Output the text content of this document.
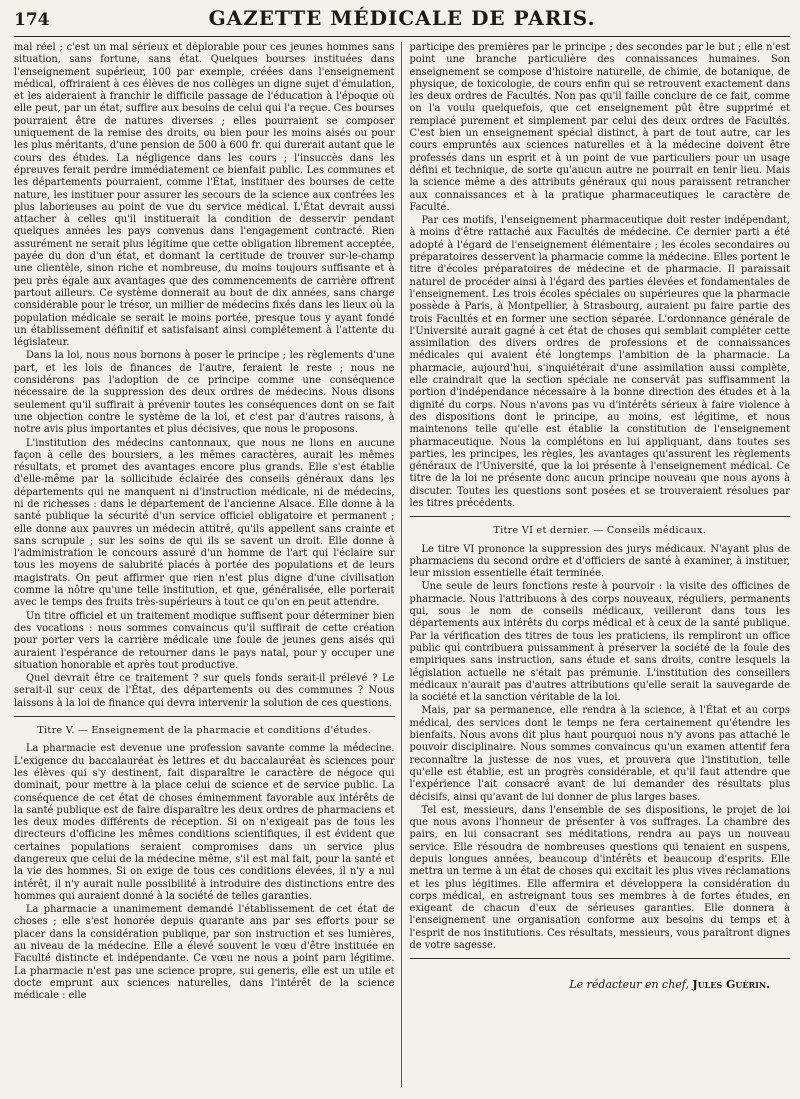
174	GAZETTE MÉDICALE DE PARIS.

mal réel ; c'est un mal sérieux et déplorable pour ces jeunes hommes sans situation, sans fortune, sans état. Quelques bourses instituées dans l'enseignement supérieur, 100 par exemple, créées dans l'enseignement médical, offriraient à ces élèves de nos collèges un digne sujet d'émulation, et les aideraient à franchir le difficile passage de l'éducation à l'époque où elle peut, par un état, suffire aux besoins de celui qui l'a reçue. Ces bourses pourraient être de natures diverses ; elles pourraient se composer uniquement de la remise des droits, ou bien pour les moins aisés ou pour les plus méritants, d'une pension de 500 à 600 fr. qui durerait autant que le cours des études. La négligence dans les cours ; l'insuccès dans les épreuves ferait perdre immédiatement ce bienfait public. Les communes et les départements pourraient, comme l'État, instituer des bourses de cette nature, les instituer pour assurer les secours de la science aux contrées les plus laborieuses au point de vue du service médical. L'État devrait aussi attacher à celles qu'il instituerait la condition de desservir pendant quelques années les pays convenus dans l'engagement contracté. Rien assurément ne serait plus légitime que cette obligation librement acceptée, payée du don d'un état, et donnant la certitude de trouver sur-le-champ une clientèle, sinon riche et nombreuse, du moins toujours suffisante et à peu près égale aux avantages que des commencements de carrière offrent partout ailleurs. Ce système donnerait au bout de dix années, sans charge considérable pour le trésor, un millier de médecins fixés dans les lieux où la population médicale se serait le moins portée, presque tous y ayant fondé un établissement définitif et satisfaisant ainsi complétement à l'attente du législateur.

Dans la loi, nous nous bornons à poser le principe ; les règlements d'une part, et les lois de finances de l'autre, feraient le reste ; nous ne considérons pas l'adoption de ce principe comme une conséquence nécessaire de la suppression des deux ordres de médecins. Nous disons seulement qu'il suffirait à prévenir toutes les conséquences dont on se fait une objection contre le système de la loi, et c'est par d'autres raisons, à notre avis plus importantes et plus décisives, que nous le proposons.

L'institution des médecins cantonnaux, que nous ne lions en aucune façon à celle des boursiers, a les mêmes caractères, aurait les mêmes résultats, et promet des avantages encore plus grands. Elle s'est établie d'elle-même par la sollicitude éclairée des conseils généraux dans les départements qui ne manquent ni d'instruction médicale, ni de médecins, ni de richesses : dans le département de l'ancienne Alsace. Elle donne à la santé publique la sécurité d'un service officiel obligatoire et permanent ; elle donne aux pauvres un médecin attitré, qu'ils appellent sans crainte et sans scrupule ; sur les soins de qui ils se savent un droit. Elle donne à l'administration le concours assuré d'un homme de l'art qui l'éclaire sur tous les moyens de salubrité placés à portée des populations et de leurs magistrats. On peut affirmer que rien n'est plus digne d'une civilisation comme la nôtre qu'une telle institution, et que, généralisée, elle porterait avec le temps des fruits très-supérieurs à tout ce qu'on en peut attendre.

Un titre officiel et un traitement modique suffisent pour déterminer bien des vocations : nous sommes convaincus qu'il suffirait de cette création pour porter vers la carrière médicale une foule de jeunes gens aisés qui auraient l'espérance de retourner dans le pays natal, pour y occuper une situation honorable et après tout productive.

Quel devrait être ce traitement ? sur quels fonds serait-il prélevé ? Le serait-il sur ceux de l'État, des départements ou des communes ? Nous laissons à la loi de finance qui devra intervenir la solution de ces questions.

Titre V. — Enseignement de la pharmacie et conditions d'études.

La pharmacie est devenue une profession savante comme la médecine. L'exigence du baccalauréat ès lettres et du baccalauréat ès sciences pour les élèves qui s'y destinent, fait disparaître le caractère de négoce qui dominait, pour mettre à la place celui de science et de service public. La conséquence de cet état de choses éminemment favorable aux intérêts de la santé publique est de faire disparaître les deux ordres de pharmaciens et les deux modes différents de réception. Si on n'exigeait pas de tous les directeurs d'officine les mêmes conditions scientifiques, il est évident que certaines populations seraient compromises dans un service plus dangereux que celui de la médecine même, s'il est mal fait, pour la santé et la vie des hommes. Si on exige de tous ces conditions élevées, il n'y a nul intérêt, il n'y aurait nulle possibilité à introduire des distinctions entre des hommes qui auraient donné à la société de telles garanties.

La pharmacie a unanimement demandé l'établissement de cet état de choses ; elle s'est honorée depuis quarante ans par ses efforts pour se placer dans la considération publique, par son instruction et ses lumières, au niveau de la médecine. Elle a élevé souvent le vœu d'être instituée en Faculté distincte et indépendante. Ce vœu ne nous a point paru légitime. La pharmacie n'est pas une science propre, sui generis, elle est un utile et docte emprunt aux sciences naturelles, dans l'intérêt de la science médicale : elle

participe des premières par le principe ; des secondes par le but ; elle n'est point une branche particulière des connaissances humaines. Son enseignement se compose d'histoire naturelle, de chimie, de botanique, de physique, de toxicologie, de cours enfin qui se retrouvent exactement dans les deux ordres de Facultés. Non pas qu'il faille conclure de ce fait, comme on l'a voulu quelquefois, que cet enseignement pût être supprimé et remplacé purement et simplement par celui des deux ordres de Facultés. C'est bien un enseignement spécial distinct, à part de tout autre, car les cours empruntés aux sciences naturelles et à la médecine doivent être professés dans un esprit et à un point de vue particuliers pour un usage défini et technique, de sorte qu'aucun autre ne pourrait en tenir lieu. Mais la science même a des attributs généraux qui nous paraissent retrancher aux connaissances et à la pratique pharmaceutiques le caractère de Faculté.

Par ces motifs, l'enseignement pharmaceutique doit rester indépendant, à moins d'être rattaché aux Facultés de médecine. Ce dernier parti a été adopté à l'égard de l'enseignement élémentaire ; les écoles secondaires ou préparatoires desservent la pharmacie comme la médecine. Elles portent le titre d'écoles préparatoires de médecine et de pharmacie. Il paraissait naturel de procéder ainsi à l'égard des parties élevées et fondamentales de l'enseignement. Les trois écoles spéciales ou supérieures que la pharmacie possède à Paris, à Montpellier, à Strasbourg, auraient pu faire partie des trois Facultés et en former une section séparée. L'ordonnance générale de l'Université aurait gagné à cet état de choses qui semblait compléter cette assimilation des divers ordres de professions et de connaissances médicales qui avaient été longtemps l'ambition de la pharmacie. La pharmacie, aujourd'hui, s'inquiétérait d'une assimilation aussi complète, elle craindrait que la section spéciale ne conservât pas suffisamment la portion d'indépendance nécessaire à la bonne direction des études et à la dignité du corps. Nous n'avons pas vu d'intérêts sérieux à faire violence à des dispositions dont le principe, au moins, est légitime, et nous maintenons telle qu'elle est établie la constitution de l'enseignement pharmaceutique. Nous la complétons en lui appliquant, dans toutes ses parties, les principes, les règles, les avantages qu'assurent les règlements généraux de l'Université, que la loi présente à l'enseignement médical. Ce titre de la loi ne présente donc aucun principe nouveau que nous ayons à discuter. Toutes les questions sont posées et se trouveraient résolues par les titres précédents.

Titre VI et dernier. — Conseils médicaux.

Le titre VI prononce la suppression des jurys médicaux. N'ayant plus de pharmaciens du second ordre et d'officiers de santé à examiner, à instituer, leur mission essentielle était terminée.

Une seule de leurs fonctions reste à pourvoir : la visite des officines de pharmacie. Nous l'attribuons à des corps nouveaux, réguliers, permanents qui, sous le nom de conseils médicaux, veilleront dans tous les départements aux intérêts du corps médical et à ceux de la santé publique. Par la vérification des titres de tous les praticiens, ils rempliront un office public qui contribuera puissamment à préserver la société de la foule des empiriques sans instruction, sans étude et sans droits, contre lesquels la législation actuelle ne s'était pas prémunie. L'institution des conseillers médicaux n'aurait pas d'autres attributions qu'elle serait la sauvegarde de la société et la sanction véritable de la loi.

Mais, par sa permanence, elle rendra à la science, à l'État et au corps médical, des services dont le temps ne fera certainement qu'étendre les bienfaits. Nous avons dit plus haut pourquoi nous n'y avons pas attaché le pouvoir disciplinaire. Nous sommes convaincus qu'un examen attentif fera reconnaître la justesse de nos vues, et prouvera que l'institution, telle qu'elle est établie, est un progrès considérable, et qu'il faut attendre que l'expérience l'ait consacré avant de lui demander des résultats plus décisifs, ainsi qu'avant de lui donner de plus larges bases.

Tel est, messieurs, dans l'ensemble de ses dispositions, le projet de loi que nous avons l'honneur de présenter à vos suffrages. La chambre des pairs, en lui consacrant ses méditations, rendra au pays un nouveau service. Elle résoudra de nombreuses questions qui tenaient en suspens, depuis longues années, beaucoup d'intérêts et beaucoup d'esprits. Elle mettra un terme à un état de choses qui excitait les plus vives réclamations et les plus légitimes. Elle affermira et développera la considération du corps médical, en astreignant tous ses membres à de fortes études, en exigeant de chacun d'eux de sérieuses garanties. Elle donnera à l'enseignement une organisation conforme aux besoins du temps et à l'esprit de nos institutions. Ces résultats, messieurs, vous paraîtront dignes de votre sagesse.

Le rédacteur en chef, Jules Guérin.
